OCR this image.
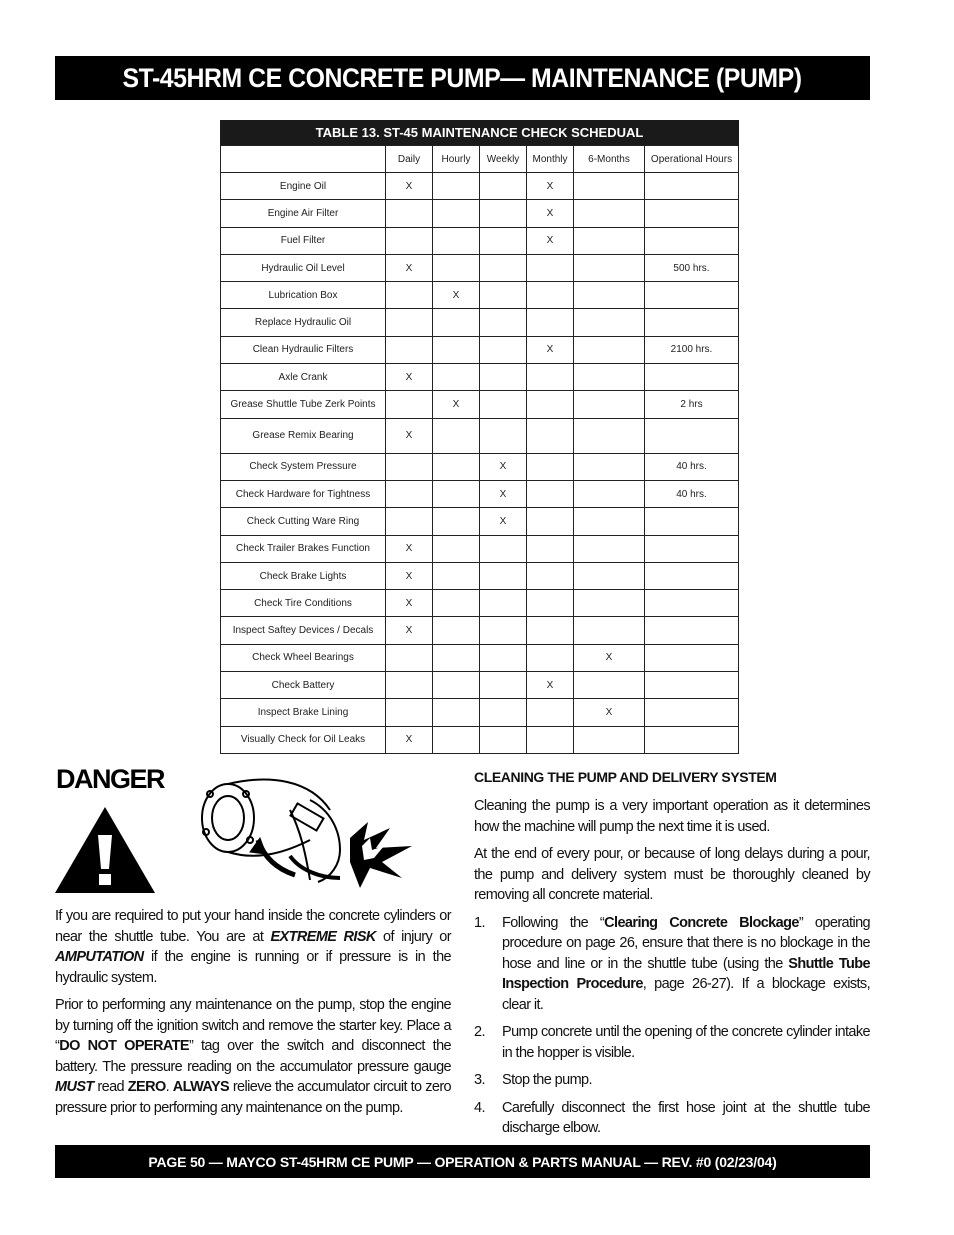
ST-45HRM CE CONCRETE PUMP— MAINTENANCE (PUMP)
TABLE 13. ST-45 MAINTENANCE CHECK SCHEDUAL
	Daily	Hourly	Weekly	Monthly	6-Months	Operational Hours
Engine Oil	X			X		
Engine Air Filter				X		
Fuel Filter				X		
Hydraulic Oil Level	X					500 hrs.
Lubrication Box		X				
Replace Hydraulic Oil						
Clean Hydraulic Filters				X		2100 hrs.
Axle Crank	X					
Grease Shuttle Tube Zerk Points		X				2 hrs
Grease Remix Bearing	X					
Check System Pressure			X			40 hrs.
Check Hardware for Tightness			X			40 hrs.
Check Cutting Ware Ring			X			
Check Trailer Brakes Function	X					
Check Brake Lights	X					
Check Tire Conditions	X					
Inspect Saftey Devices / Decals	X					
Check Wheel Bearings					X	
Check Battery				X		
Inspect Brake Lining					X	
Visually Check for Oil Leaks	X					
DANGER

If you are required to put your hand inside the concrete cylinders or near the shuttle tube. You are at EXTREME RISK of injury or AMPUTATION if the engine is running or if pressure is in the hydraulic system.

Prior to performing any maintenance on the pump, stop the engine by turning off the ignition switch and remove the starter key. Place a “DO NOT OPERATE” tag over the switch and disconnect the battery. The pressure reading on the accumulator pressure gauge MUST read ZERO. ALWAYS relieve the accumulator circuit to zero pressure prior to performing any maintenance on the pump.

CLEANING THE PUMP AND DELIVERY SYSTEM

Cleaning the pump is a very important operation as it determines how the machine will pump the next time it is used.

At the end of every pour, or because of long delays during a pour, the pump and delivery system must be thoroughly cleaned by removing all concrete material.

1. Following the “Clearing Concrete Blockage” operating procedure on page 26, ensure that there is no blockage in the hose and line or in the shuttle tube (using the Shuttle Tube Inspection Procedure, page 26-27). If a blockage exists, clear it.
2. Pump concrete until the opening of the concrete cylinder intake in the hopper is visible.
3. Stop the pump.
4. Carefully disconnect the first hose joint at the shuttle tube discharge elbow.
PAGE 50 — MAYCO ST-45HRM CE PUMP — OPERATION & PARTS MANUAL — REV. #0 (02/23/04)
